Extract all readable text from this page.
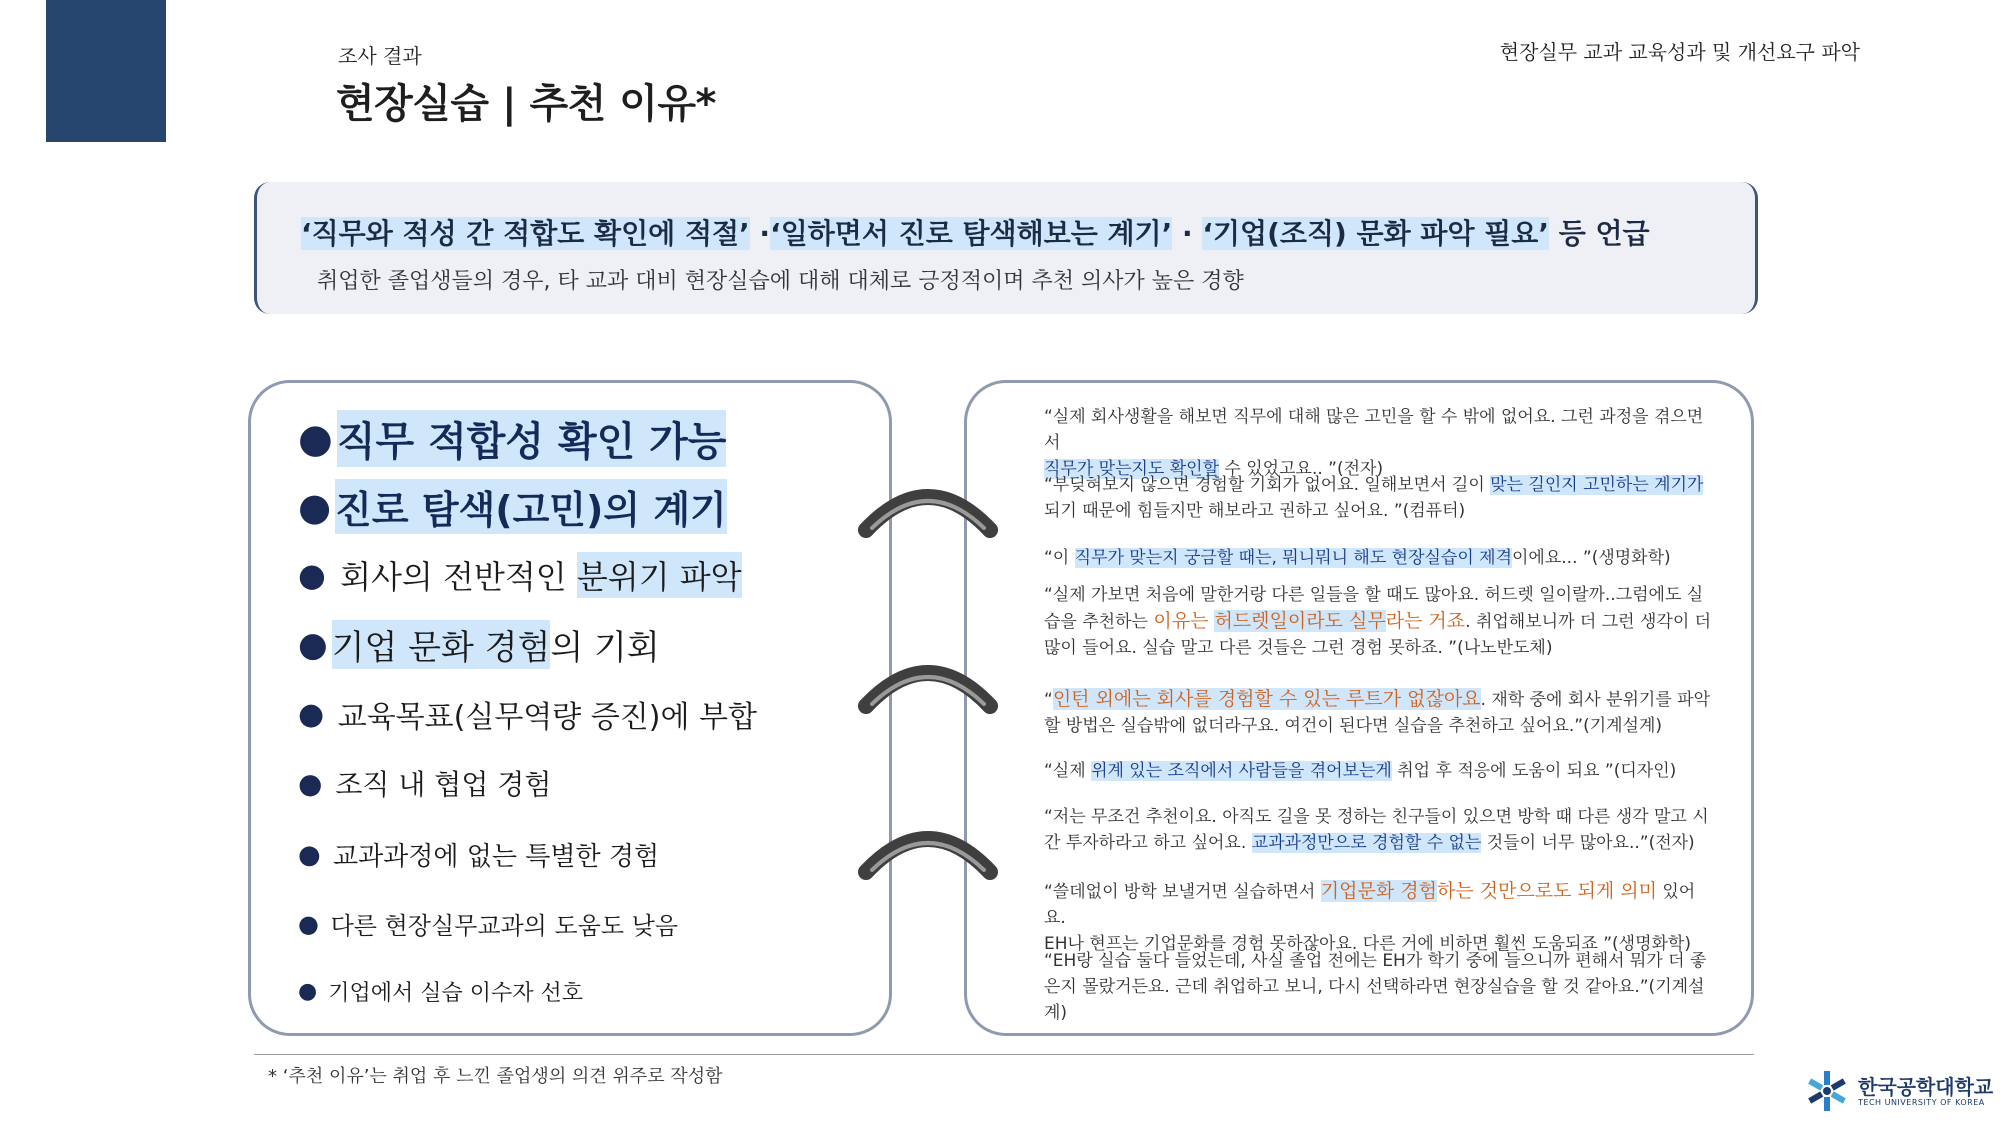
조사 결과
현장실습 | 추천 이유*
현장실무 교과 교육성과 및 개선요구 파악
‘직무와 적성 간 적합도 확인에 적절’ ·‘일하면서 진로 탐색해보는 계기’ · ‘기업(조직) 문화 파악 필요’ 등 언급
취업한 졸업생들의 경우, 타 교과 대비 현장실습에 대해 대체로 긍정적이며 추천 의사가 높은 경향
● 직무 적합성 확인 가능
● 진로 탐색(고민)의 계기
● 회사의 전반적인 분위기 파악
● 기업 문화 경험 의 기회
● 교육목표(실무역량 증진)에 부합
● 조직 내 협업 경험
● 교과과정에 없는 특별한 경험
● 다른 현장실무교과의 도움도 낮음
● 기업에서 실습 이수자 선호
“실제 회사생활을 해보면 직무에 대해 많은 고민을 할 수 밖에 없어요. 그런 과정을 겪으면서
직무가 맞는지도 확인할 수 있었고요.. ”(전자)
“부딪혀보지 않으면 경험할 기회가 없어요. 일해보면서 길이 맞는 길인지 고민하는 계기가
되기 때문에 힘들지만 해보라고 권하고 싶어요. ”(컴퓨터)
“이 직무가 맞는지 궁금할 때는, 뭐니뭐니 해도 현장실습이 제격이에요... ”(생명화학)
“실제 가보면 처음에 말한거랑 다른 일들을 할 때도 많아요. 허드렛 일이랄까..그럼에도 실습을 추천하는 이유는 허드렛일이라도 실무라는 거죠. 취업해보니까 더 그런 생각이 더 많이 들어요. 실습 말고 다른 것들은 그런 경험 못하죠. ”(나노반도체)
“인턴 외에는 회사를 경험할 수 있는 루트가 없잖아요. 재학 중에 회사 분위기를 파악할 방법은 실습밖에 없더라구요. 여건이 된다면 실습을 추천하고 싶어요.”(기계설계)
“실제 위계 있는 조직에서 사람들을 겪어보는게 취업 후 적응에 도움이 되요 ”(디자인)
“저는 무조건 추천이요. 아직도 길을 못 정하는 친구들이 있으면 방학 때 다른 생각 말고 시간 투자하라고 하고 싶어요. 교과과정만으로 경험할 수 없는 것들이 너무 많아요..”(전자)
“쓸데없이 방학 보낼거면 실습하면서 기업문화 경험하는 것만으로도 되게 의미 있어요.
EH나 현프는 기업문화를 경험 못하잖아요. 다른 거에 비하면 훨씬 도움되죠 ”(생명화학)
“EH랑 실습 둘다 들었는데, 사실 졸업 전에는 EH가 학기 중에 들으니까 편해서 뭐가 더 좋은지 몰랐거든요. 근데 취업하고 보니, 다시 선택하라면 현장실습을 할 것 같아요.”(기계설계)
* ‘추천 이유’는 취업 후 느낀 졸업생의 의견 위주로 작성함	한국공학대학교
TECH UNIVERSITY OF KOREA
